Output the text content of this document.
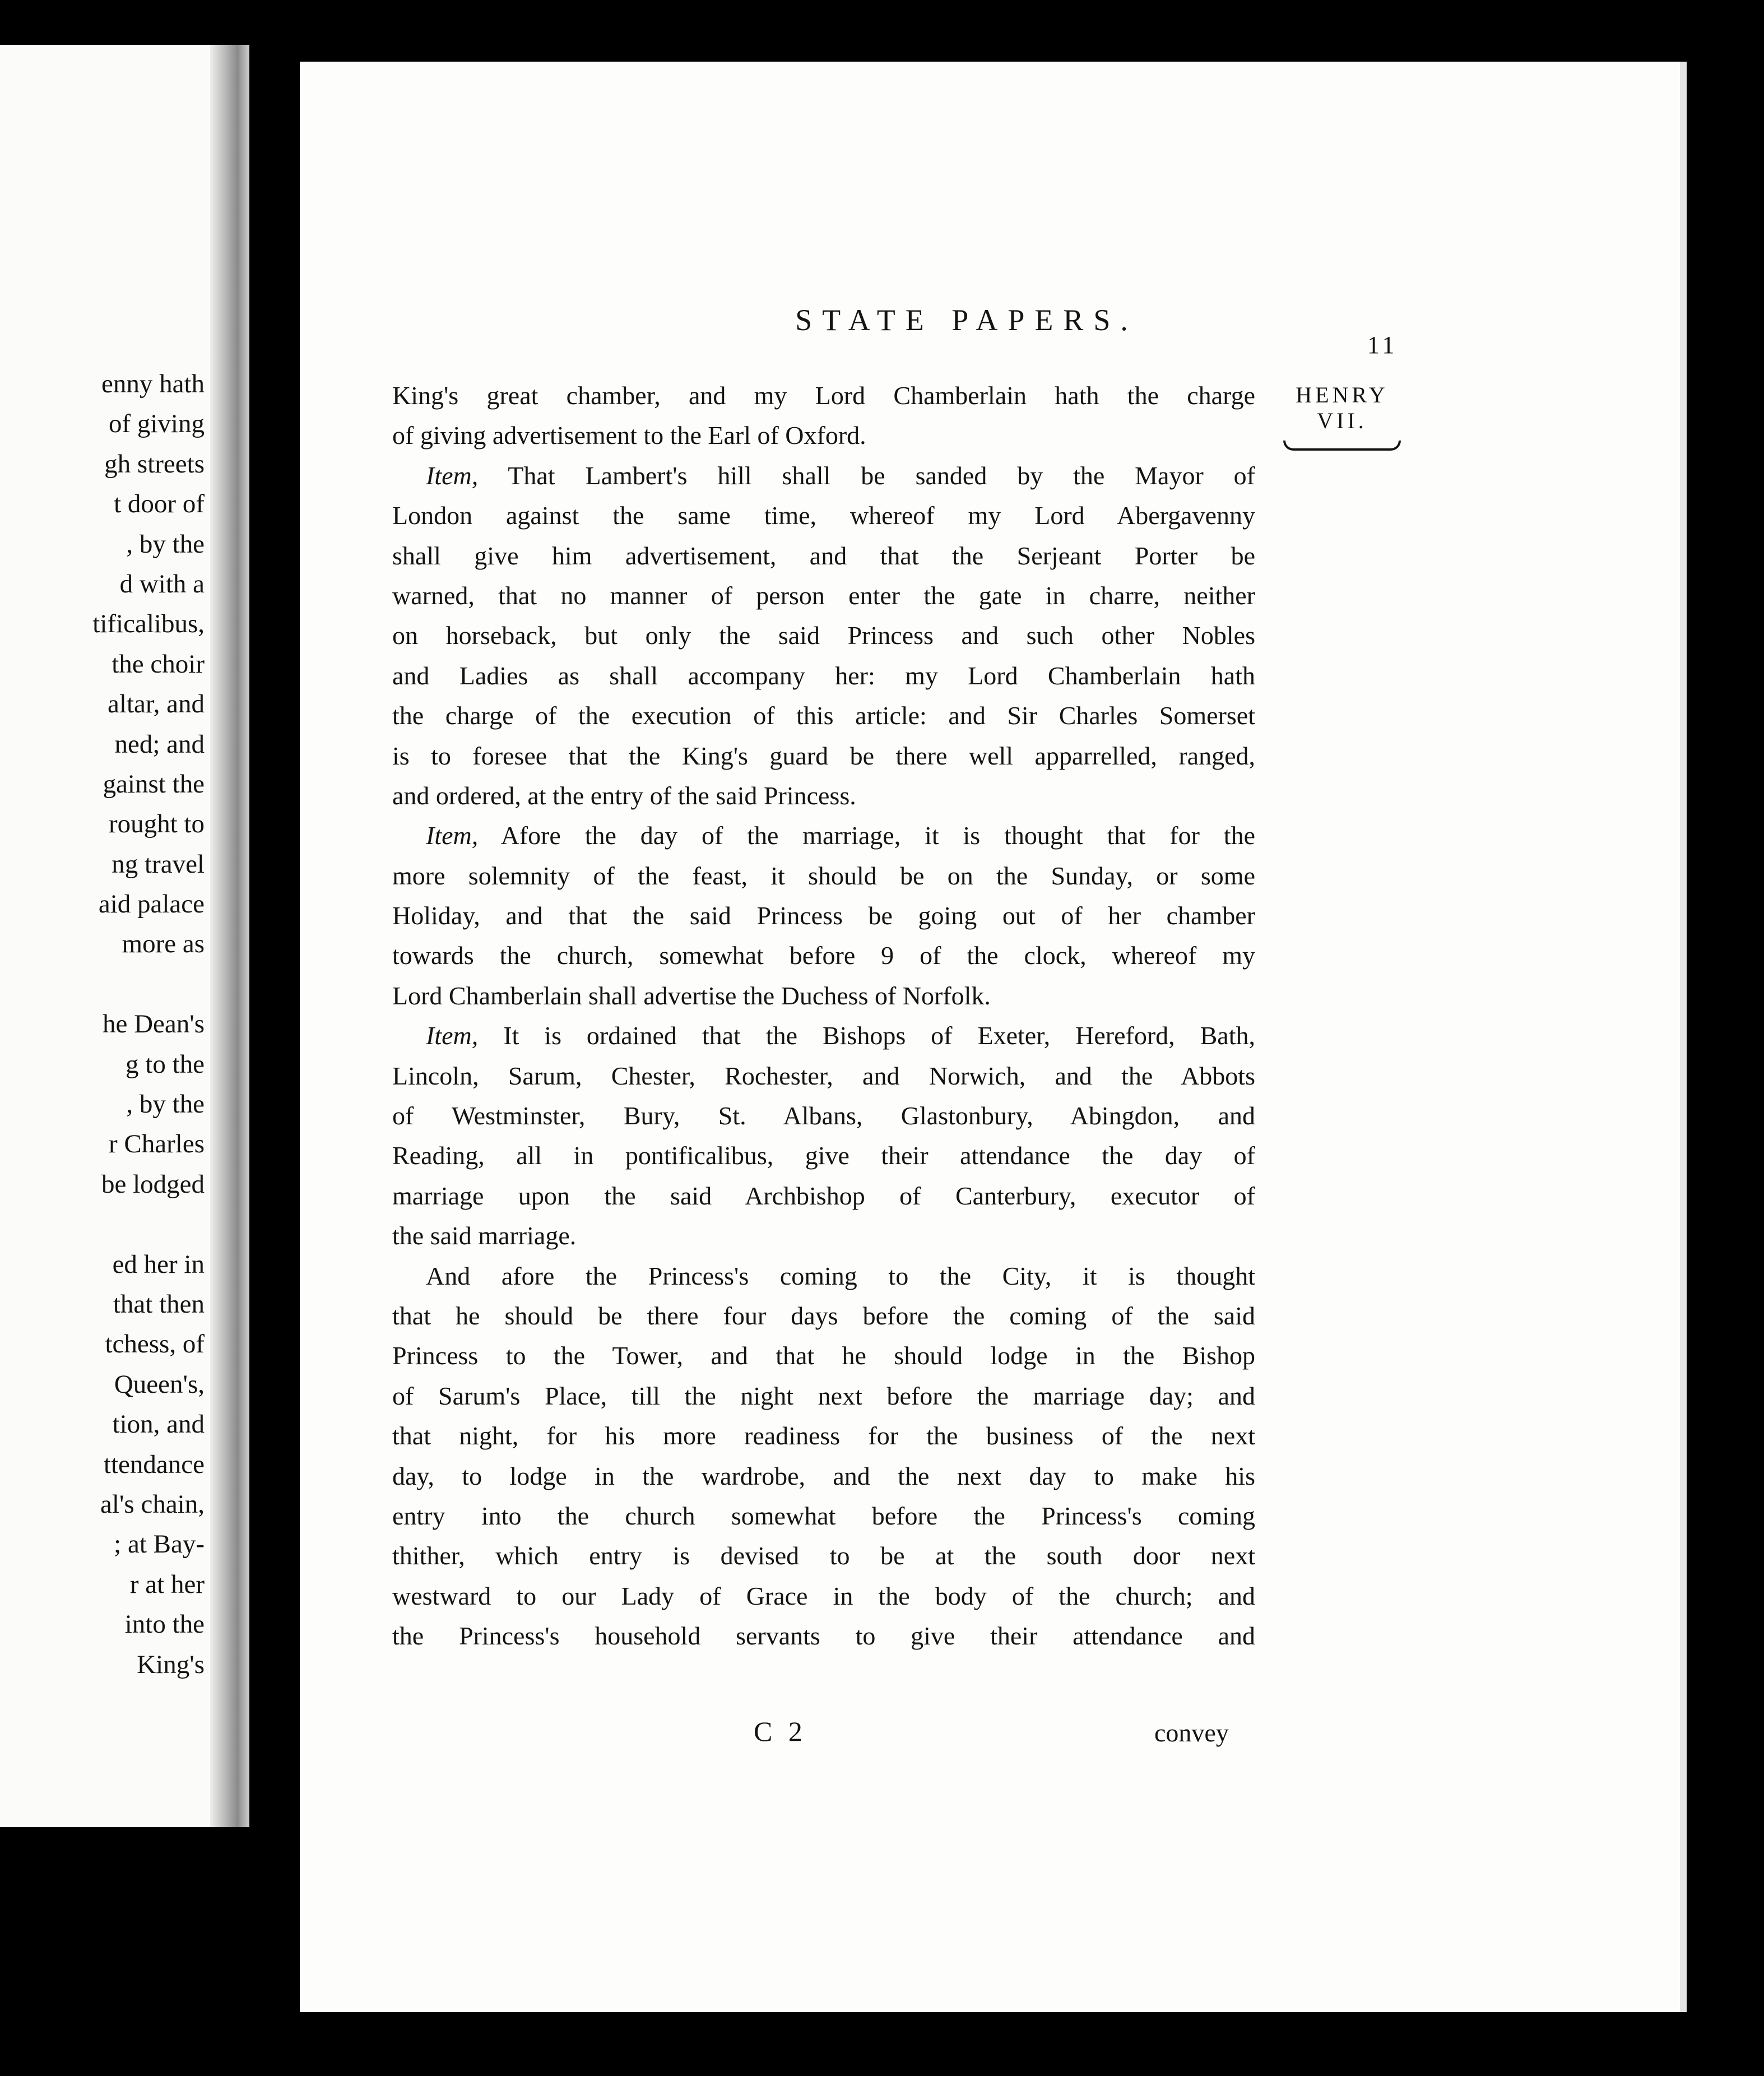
enny hath
of giving
gh streets
t door of
, by the
d with a
tificalibus,
the choir
altar, and
ned; and
gainst the
rought to
ng travel
aid palace
more as
he Dean's
g to the
, by the
r Charles
be lodged
ed her in
that then
tchess, of
Queen's,
tion, and
ttendance
al's chain,
; at Bay-
r at her
into the
King's
STATE PAPERS.
11
HENRY
VII.
King's great chamber, and my Lord Chamberlain hath the charge
of giving advertisement to the Earl of Oxford.
Item, That Lambert's hill shall be sanded by the Mayor of
London against the same time, whereof my Lord Abergavenny
shall give him advertisement, and that the Serjeant Porter be
warned, that no manner of person enter the gate in charre, neither
on horseback, but only the said Princess and such other Nobles
and Ladies as shall accompany her: my Lord Chamberlain hath
the charge of the execution of this article: and Sir Charles Somerset
is to foresee that the King's guard be there well apparrelled, ranged,
and ordered, at the entry of the said Princess.
Item, Afore the day of the marriage, it is thought that for the
more solemnity of the feast, it should be on the Sunday, or some
Holiday, and that the said Princess be going out of her chamber
towards the church, somewhat before 9 of the clock, whereof my
Lord Chamberlain shall advertise the Duchess of Norfolk.
Item, It is ordained that the Bishops of Exeter, Hereford, Bath,
Lincoln, Sarum, Chester, Rochester, and Norwich, and the Abbots
of Westminster, Bury, St. Albans, Glastonbury, Abingdon, and
Reading, all in pontificalibus, give their attendance the day of
marriage upon the said Archbishop of Canterbury, executor of
the said marriage.
And afore the Princess's coming to the City, it is thought
that he should be there four days before the coming of the said
Princess to the Tower, and that he should lodge in the Bishop
of Sarum's Place, till the night next before the marriage day; and
that night, for his more readiness for the business of the next
day, to lodge in the wardrobe, and the next day to make his
entry into the church somewhat before the Princess's coming
thither, which entry is devised to be at the south door next
westward to our Lady of Grace in the body of the church; and
the Princess's household servants to give their attendance and
C 2	convey
